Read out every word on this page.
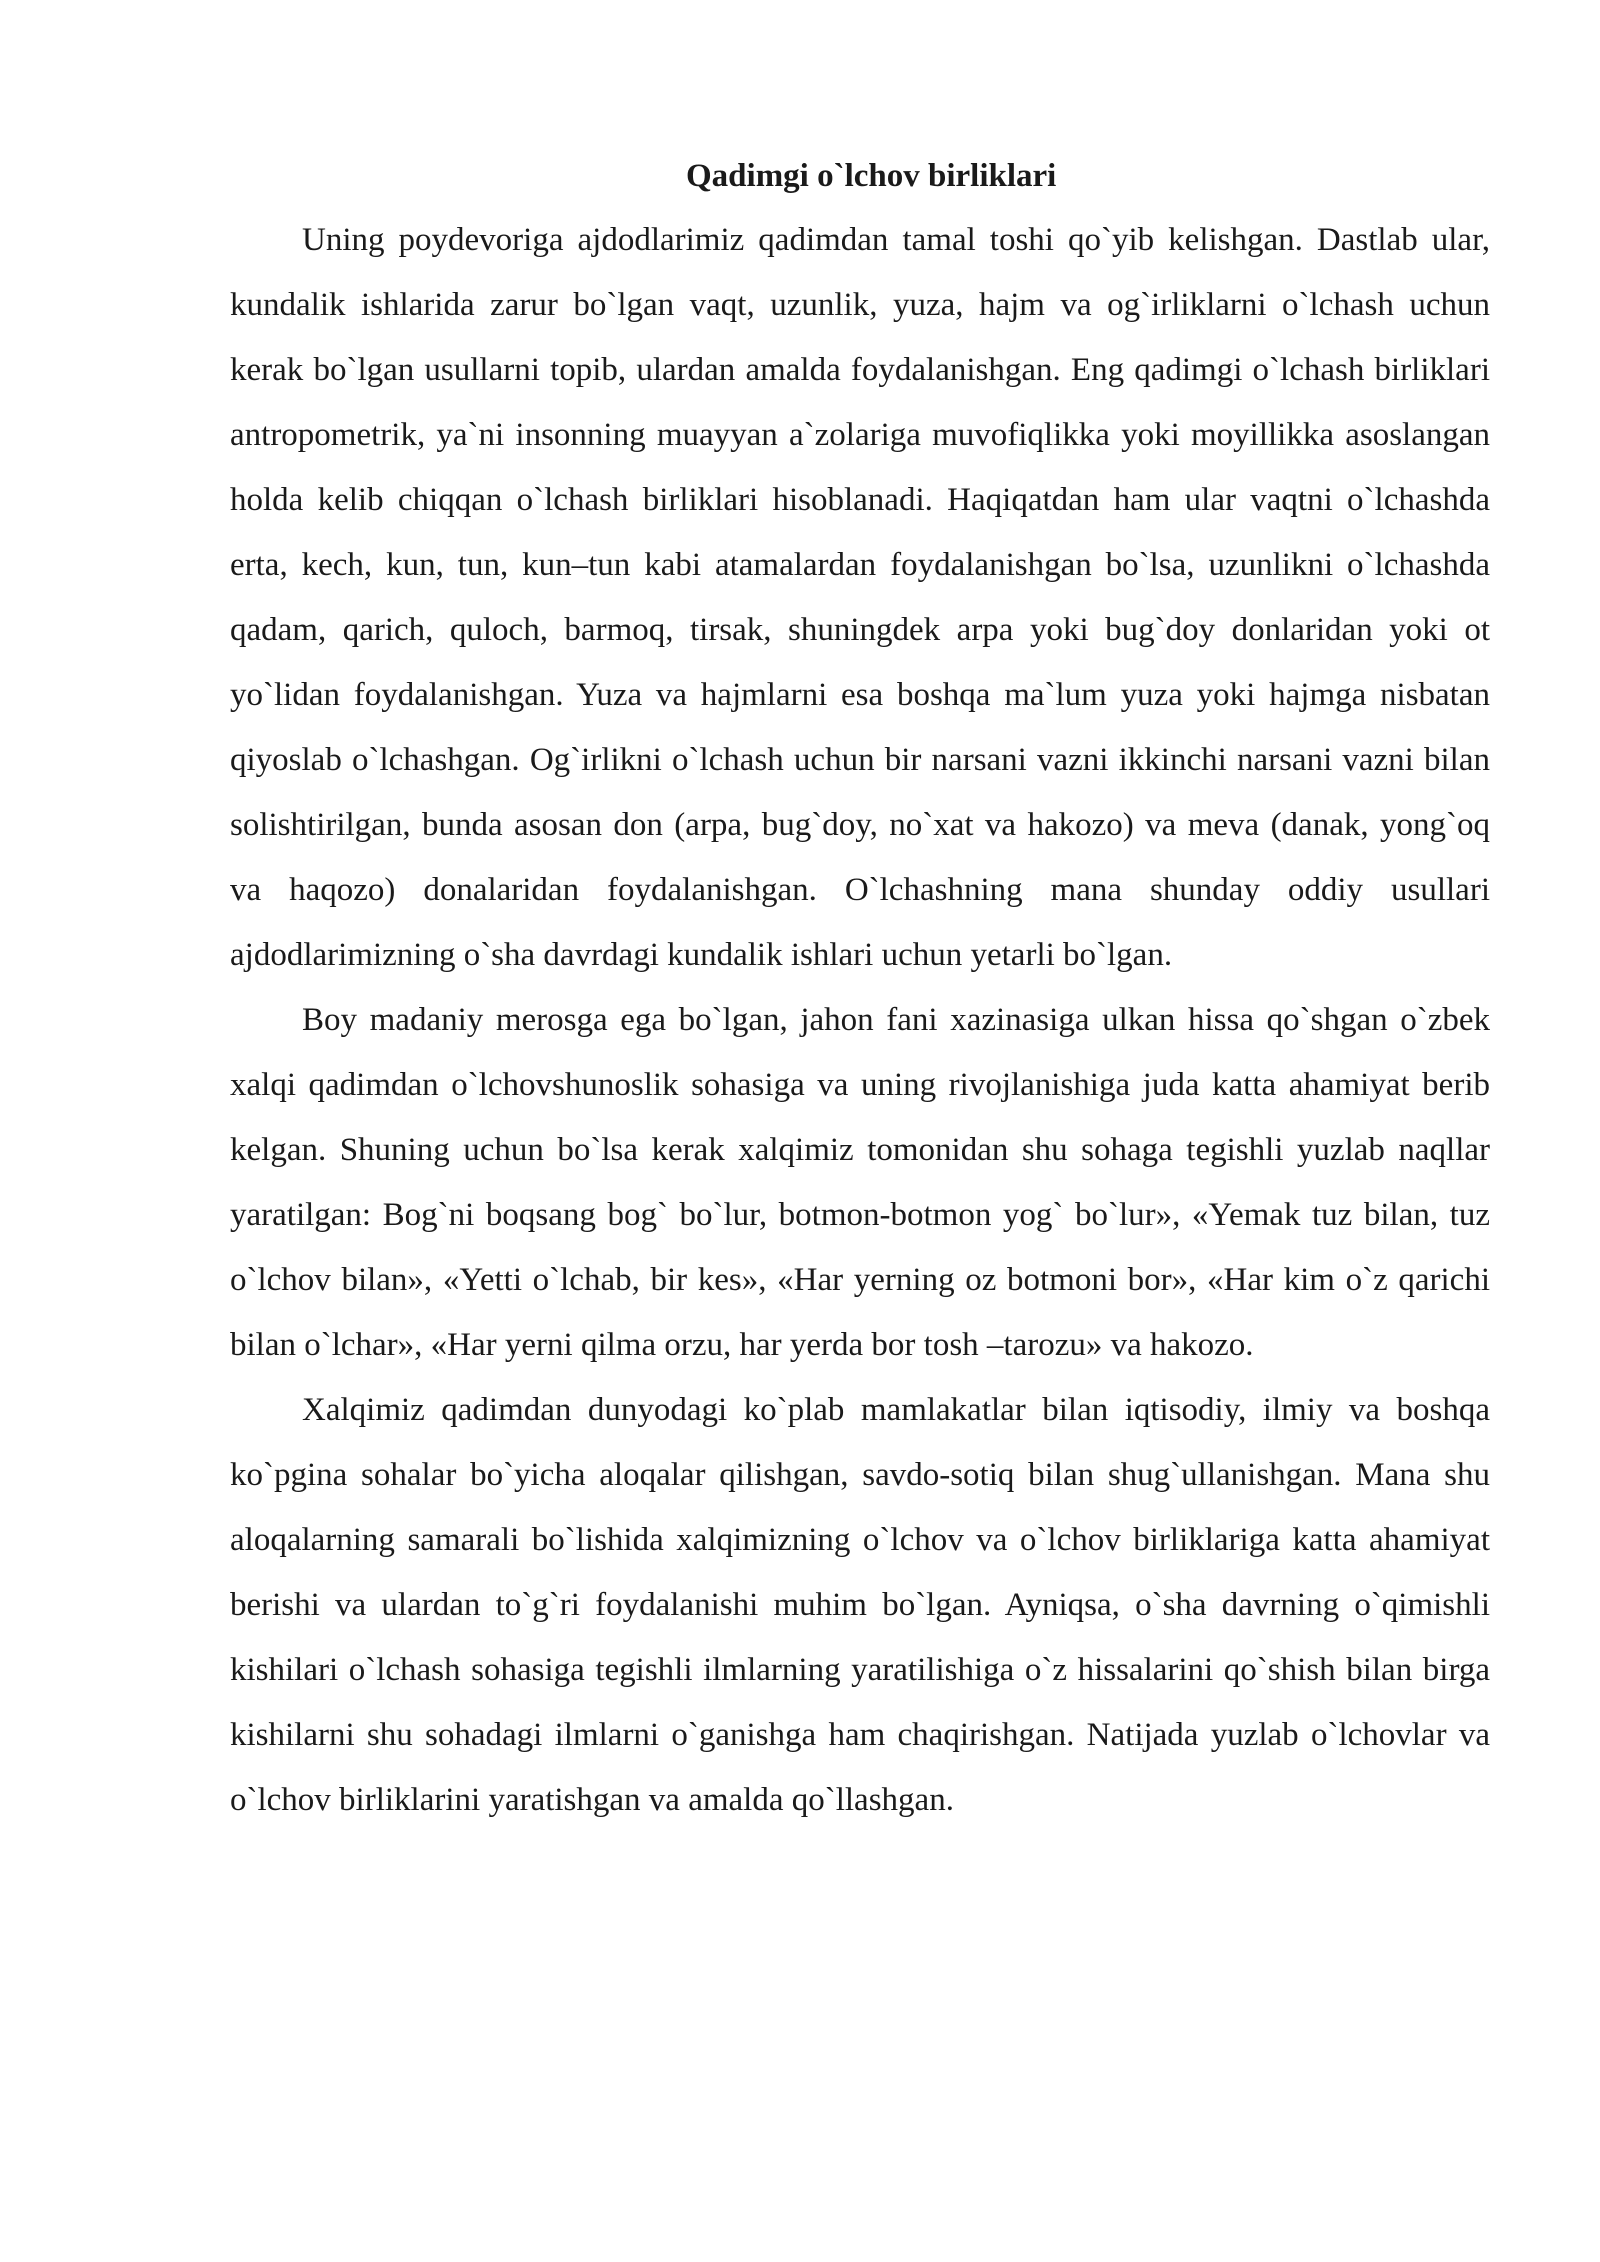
Qadimgi o`lchov birliklari

Uning poydevoriga ajdodlarimiz qadimdan tamal toshi qo`yib kelishgan. Dastlab ular, kundalik ishlarida zarur bo`lgan vaqt, uzunlik, yuza, hajm va og`irliklarni o`lchash uchun kerak bo`lgan usullarni topib, ulardan amalda foydalanishgan. Eng qadimgi o`lchash birliklari antropometrik, ya`ni insonning muayyan a`zolariga muvofiqlikka yoki moyillikka asoslangan holda kelib chiqqan o`lchash birliklari hisoblanadi. Haqiqatdan ham ular vaqtni o`lchashda erta, kech, kun, tun, kun–tun kabi atamalardan foydalanishgan bo`lsa, uzunlikni o`lchashda qadam, qarich, quloch, barmoq, tirsak, shuningdek arpa yoki bug`doy donlaridan yoki ot yo`lidan foydalanishgan. Yuza va hajmlarni esa boshqa ma`lum yuza yoki hajmga nisbatan qiyoslab o`lchashgan. Og`irlikni o`lchash uchun bir narsani vazni ikkinchi narsani vazni bilan solishtirilgan, bunda asosan don (arpa, bug`doy, no`xat va hakozo) va meva (danak, yong`oq va haqozo) donalaridan foydalanishgan. O`lchashning mana shunday oddiy usullari ajdodlarimizning o`sha davrdagi kundalik ishlari uchun yetarli bo`lgan.

Boy madaniy merosga ega bo`lgan, jahon fani xazinasiga ulkan hissa qo`shgan o`zbek xalqi qadimdan o`lchovshunoslik sohasiga va uning rivojlanishiga juda katta ahamiyat berib kelgan. Shuning uchun bo`lsa kerak xalqimiz tomonidan shu sohaga tegishli yuzlab naqllar yaratilgan: Bog`ni boqsang bog` bo`lur, botmon-botmon yog` bo`lur», «Yemak tuz bilan, tuz o`lchov bilan», «Yetti o`lchab, bir kes», «Har yerning oz botmoni bor», «Har kim o`z qarichi bilan o`lchar», «Har yerni qilma orzu, har yerda bor tosh –tarozu» va hakozo.

Xalqimiz qadimdan dunyodagi ko`plab mamlakatlar bilan iqtisodiy, ilmiy va boshqa ko`pgina sohalar bo`yicha aloqalar qilishgan, savdo-sotiq bilan shug`ullanishgan. Mana shu aloqalarning samarali bo`lishida xalqimizning o`lchov va o`lchov birliklariga katta ahamiyat berishi va ulardan to`g`ri foydalanishi muhim bo`lgan. Ayniqsa, o`sha davrning o`qimishli kishilari o`lchash sohasiga tegishli ilmlarning yaratilishiga o`z hissalarini qo`shish bilan birga kishilarni shu sohadagi ilmlarni o`ganishga ham chaqirishgan. Natijada yuzlab o`lchovlar va o`lchov birliklarini yaratishgan va amalda qo`llashgan.
